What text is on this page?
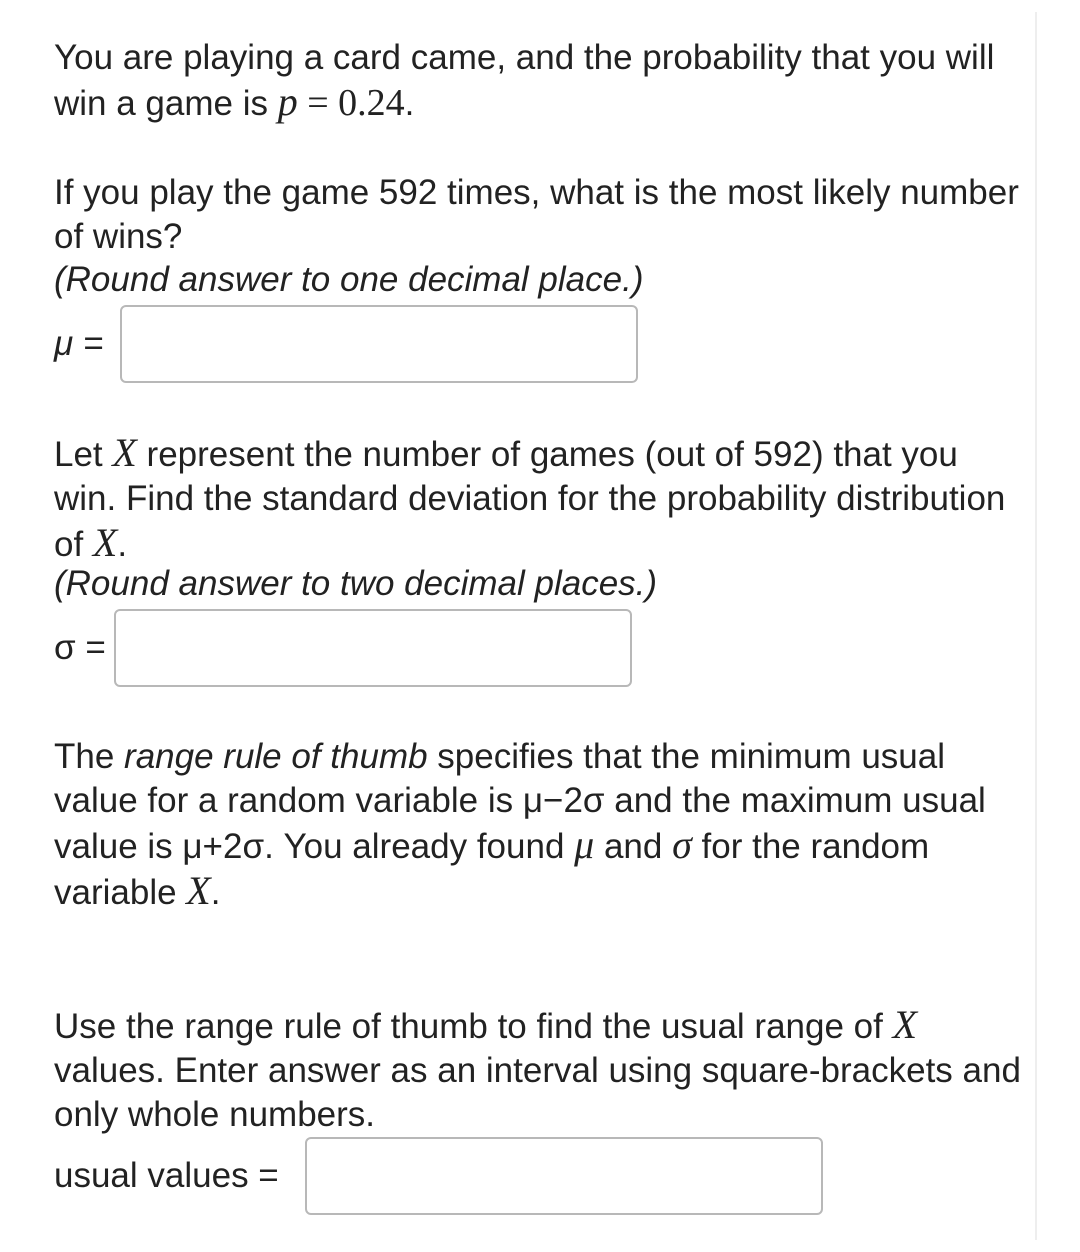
You are playing a card came, and the probability that you will win a game is p = 0.24.
If you play the game 592 times, what is the most likely number of wins?
(Round answer to one decimal place.)
μ =
Let X represent the number of games (out of 592) that you win. Find the standard deviation for the probability distribution of X.
(Round answer to two decimal places.)
σ =
The range rule of thumb specifies that the minimum usual value for a random variable is μ−2σ and the maximum usual value is μ+2σ. You already found μ and σ for the random variable X.
Use the range rule of thumb to find the usual range of X values. Enter answer as an interval using square-brackets and only whole numbers.
usual values =
